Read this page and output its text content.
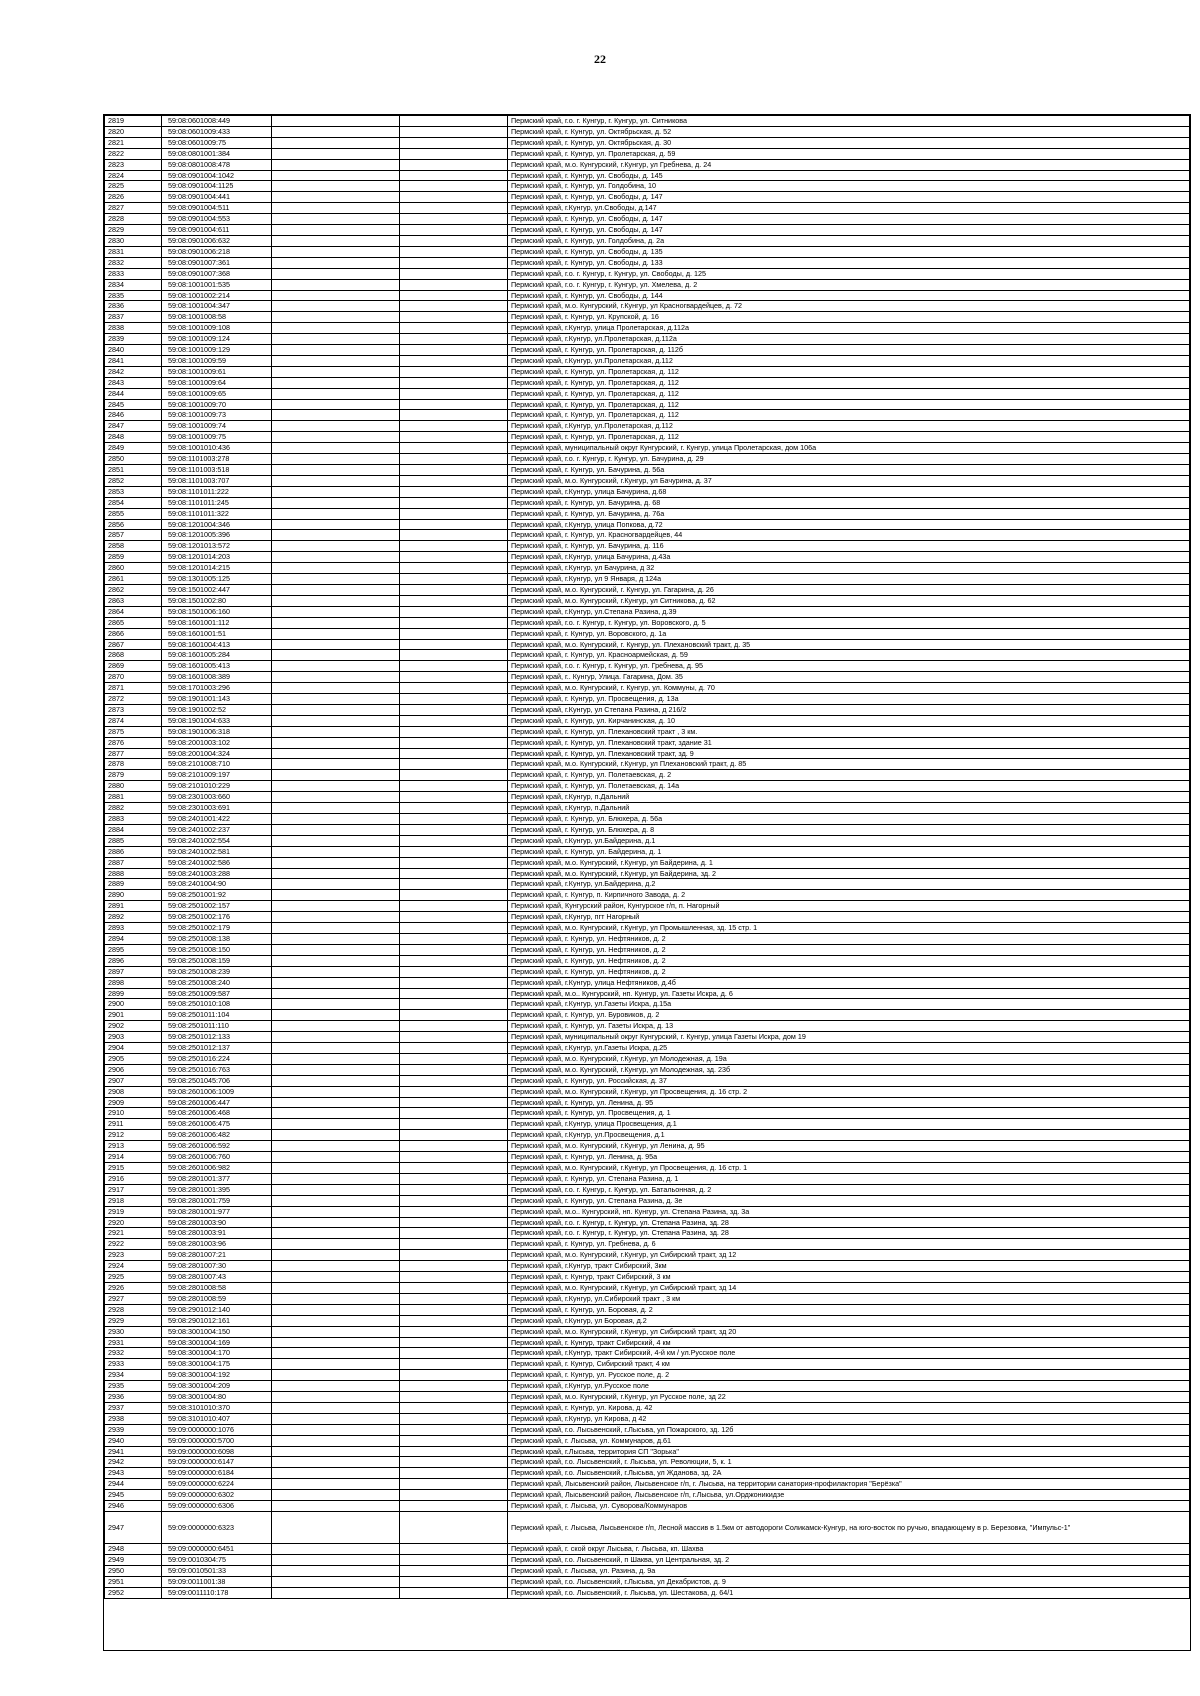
22
2819	59:08:0601008:449			Пермский край, г.о. г. Кунгур, г. Кунгур, ул. Ситникова
2820	59:08:0601009:433			Пермский край, г. Кунгур, ул. Октябрьская, д. 52
2821	59:08:0601009:75			Пермский край, г. Кунгур, ул. Октябрьская, д. 30
2822	59:08:0801001:384			Пермский край, г. Кунгур, ул. Пролетарская, д. 59
2823	59:08:0801008:478			Пермский край, м.о. Кунгурский, г.Кунгур, ул Гребнева, д. 24
2824	59:08:0901004:1042			Пермский край, г. Кунгур, ул. Свободы, д. 145
2825	59:08:0901004:1125			Пермский край, г. Кунгур, ул. Голдобина, 10
2826	59:08:0901004:441			Пермский край, г. Кунгур, ул. Свободы, д. 147
2827	59:08:0901004:511			Пермский край, г.Кунгур, ул.Свободы, д.147
2828	59:08:0901004:553			Пермский край, г. Кунгур, ул. Свободы, д. 147
2829	59:08:0901004:611			Пермский край, г. Кунгур, ул. Свободы, д. 147
2830	59:08:0901006:632			Пермский край, г. Кунгур, ул. Голдобина, д. 2а
2831	59:08:0901006:218			Пермский край, г. Кунгур, ул. Свободы, д. 135
2832	59:08:0901007:361			Пермский край, г. Кунгур, ул. Свободы, д. 133
2833	59:08:0901007:368			Пермский край, г.о. г. Кунгур, г. Кунгур, ул. Свободы, д. 125
2834	59:08:1001001:535			Пермский край, г.о. г. Кунгур, г. Кунгур, ул. Хмелева, д. 2
2835	59:08:1001002:214			Пермский край, г. Кунгур, ул. Свободы, д. 144
2836	59:08:1001004:347			Пермский край, м.о. Кунгурский, г.Кунгур, ул Красногвардейцев, д. 72
2837	59:08:1001008:58			Пермский край, г. Кунгур, ул. Крупской, д. 16
2838	59:08:1001009:108			Пермский край, г.Кунгур, улица Пролетарская, д.112а
2839	59:08:1001009:124			Пермский край, г.Кунгур, ул.Пролетарская, д.112а
2840	59:08:1001009:129			Пермский край, г. Кунгур, ул. Пролетарская, д. 112б
2841	59:08:1001009:59			Пермский край, г.Кунгур, ул.Пролетарская, д.112
2842	59:08:1001009:61			Пермский край, г. Кунгур, ул. Пролетарская, д. 112
2843	59:08:1001009:64			Пермский край, г. Кунгур, ул. Пролетарская, д. 112
2844	59:08:1001009:65			Пермский край, г. Кунгур, ул. Пролетарская, д. 112
2845	59:08:1001009:70			Пермский край, г. Кунгур, ул. Пролетарская, д. 112
2846	59:08:1001009:73			Пермский край, г. Кунгур, ул. Пролетарская, д. 112
2847	59:08:1001009:74			Пермский край, г.Кунгур, ул.Пролетарская, д.112
2848	59:08:1001009:75			Пермский край, г. Кунгур, ул. Пролетарская, д. 112
2849	59:08:1001010:436			Пермский край, муниципальный округ Кунгурский, г. Кунгур, улица Пролетарская, дом 106а
2850	59:08:1101003:278			Пермский край, г.о. г. Кунгур, г. Кунгур, ул. Бачурина, д. 29
2851	59:08:1101003:518			Пермский край, г. Кунгур, ул. Бачурина, д. 56а
2852	59:08:1101003:707			Пермский край, м.о. Кунгурский, г.Кунгур, ул Бачурина, д. 37
2853	59:08:1101011:222			Пермский край, г.Кунгур, улица Бачурина, д.68
2854	59:08:1101011:245			Пермский край, г. Кунгур, ул. Бачурина, д. 68
2855	59:08:1101011:322			Пермский край, г. Кунгур, ул. Бачурина, д. 76а
2856	59:08:1201004:346			Пермский край, г.Кунгур, улица Попкова, д.72
2857	59:08:1201005:396			Пермский край, г. Кунгур, ул. Красногвардейцев, 44
2858	59:08:1201013:572			Пермский край, г. Кунгур, ул. Бачурина, д. 116
2859	59:08:1201014:203			Пермский край, г.Кунгур, улица Бачурина, д.43а
2860	59:08:1201014:215			Пермский край, г.Кунгур, ул Бачурина, д 32
2861	59:08:1301005:125			Пермский край, г.Кунгур, ул 9 Января, д 124а
2862	59:08:1501002:447			Пермский край, м.о. Кунгурский, г. Кунгур, ул. Гагарина, д. 26
2863	59:08:1501002:80			Пермский край, м.о. Кунгурский, г.Кунгур, ул Ситникова, д. 62
2864	59:08:1501006:160			Пермский край, г.Кунгур, ул.Степана Разина, д.39
2865	59:08:1601001:112			Пермский край, г.о. г. Кунгур, г. Кунгур, ул. Воровского, д. 5
2866	59:08:1601001:51			Пермский край, г. Кунгур, ул. Воровского, д. 1а
2867	59:08:1601004:413			Пермский край, м.о. Кунгурский, г. Кунгур, ул. Плехановский тракт, д. 35
2868	59:08:1601005:284			Пермский край, г. Кунгур, ул. Красноармейская, д. 59
2869	59:08:1601005:413			Пермский край, г.о. г. Кунгур, г. Кунгур, ул. Гребнева, д. 95
2870	59:08:1601008:389			Пермский край, г.. Кунгур, Улица. Гагарина, Дом. 35
2871	59:08:1701003:296			Пермский край, м.о. Кунгурский, г. Кунгур, ул. Коммуны, д. 70
2872	59:08:1901001:143			Пермский край, г. Кунгур, ул. Просвещения, д. 13а
2873	59:08:1901002:52			Пермский край, г.Кунгур, ул Степана Разина, д 216/2
2874	59:08:1901004:633			Пермский край, г. Кунгур, ул. Кирчанинская, д. 10
2875	59:08:1901006:318			Пермский край, г. Кунгур, ул. Плехановский тракт , 3 км.
2876	59:08:2001003:102			Пермский край, г. Кунгур, ул. Плехановский тракт, здание 31
2877	59:08:2001004:324			Пермский край, г. Кунгур, ул. Плехановский тракт, зд. 9
2878	59:08:2101008:710			Пермский край, м.о. Кунгурский, г.Кунгур, ул Плехановский тракт, д. 85
2879	59:08:2101009:197			Пермский край, г. Кунгур, ул. Полетаевская, д. 2
2880	59:08:2101010:229			Пермский край, г. Кунгур, ул. Полетаевская, д. 14а
2881	59:08:2301003:660			Пермский край, г.Кунгур, п.Дальний
2882	59:08:2301003:691			Пермский край, г.Кунгур, п.Дальний
2883	59:08:2401001:422			Пермский край, г. Кунгур, ул. Блюхера, д. 56а
2884	59:08:2401002:237			Пермский край, г. Кунгур, ул. Блюхера, д. 8
2885	59:08:2401002:554			Пермский край, г.Кунгур, ул.Байдерина, д.1
2886	59:08:2401002:581			Пермский край, г. Кунгур, ул. Байдерина, д. 1
2887	59:08:2401002:586			Пермский край, м.о. Кунгурский, г.Кунгур, ул Байдерина, д. 1
2888	59:08:2401003:288			Пермский край, м.о. Кунгурский, г.Кунгур, ул Байдерина, зд. 2
2889	59:08:2401004:90			Пермский край, г.Кунгур, ул.Байдерина, д.2
2890	59:08:2501001:92			Пермский край, г. Кунгур, п. Кирпичного Завода, д. 2
2891	59:08:2501002:157			Пермский край, Кунгурский район, Кунгурское г/п, п. Нагорный
2892	59:08:2501002:176			Пермский край, г.Кунгур, пгт Нагорный
2893	59:08:2501002:179			Пермский край, м.о. Кунгурский, г.Кунгур, ул Промышленная, зд. 15 стр. 1
2894	59:08:2501008:138			Пермский край, г. Кунгур, ул. Нефтяников, д. 2
2895	59:08:2501008:150			Пермский край, г. Кунгур, ул. Нефтяников, д. 2
2896	59:08:2501008:159			Пермский край, г. Кунгур, ул. Нефтяников, д. 2
2897	59:08:2501008:239			Пермский край, г. Кунгур, ул. Нефтяников, д. 2
2898	59:08:2501008:240			Пермский край, г.Кунгур, улица Нефтяников, д.4б
2899	59:08:2501009:587			Пермский край, м.о.. Кунгурский, нп. Кунгур, ул. Газеты Искра, д. 6
2900	59:08:2501010:108			Пермский край, г.Кунгур, ул.Газеты Искра, д.15а
2901	59:08:2501011:104			Пермский край, г. Кунгур, ул. Буровиков, д. 2
2902	59:08:2501011:110			Пермский край, г. Кунгур, ул. Газеты Искра, д. 13
2903	59:08:2501012:133			Пермский край, муниципальный округ Кунгурский, г. Кунгур, улица Газеты Искра, дом 19
2904	59:08:2501012:137			Пермский край, г.Кунгур, ул.Газеты Искра, д.25
2905	59:08:2501016:224			Пермский край, м.о. Кунгурский, г.Кунгур, ул Молодежная, д. 19а
2906	59:08:2501016:763			Пермский край, м.о. Кунгурский, г.Кунгур, ул Молодежная, зд. 23б
2907	59:08:2501045:706			Пермский край, г. Кунгур, ул. Российская, д. 37
2908	59:08:2601006:1009			Пермский край, м.о. Кунгурский, г.Кунгур, ул Просвещения, д. 16 стр. 2
2909	59:08:2601006:447			Пермский край, г. Кунгур, ул. Ленина, д. 95
2910	59:08:2601006:468			Пермский край, г. Кунгур, ул. Просвещения, д. 1
2911	59:08:2601006:475			Пермский край, г.Кунгур, улица Просвещения, д.1
2912	59:08:2601006:482			Пермский край, г.Кунгур, ул.Просвещения, д.1
2913	59:08:2601006:592			Пермский край, м.о. Кунгурский, г.Кунгур, ул Ленина, д. 95
2914	59:08:2601006:760			Пермский край, г. Кунгур, ул. Ленина, д. 95а
2915	59:08:2601006:982			Пермский край, м.о. Кунгурский, г.Кунгур, ул Просвещения, д. 16 стр. 1
2916	59:08:2801001:377			Пермский край, г. Кунгур, ул. Степана Разина, д. 1
2917	59:08:2801001:395			Пермский край, г.о. г. Кунгур, г. Кунгур, ул. Батальонная, д. 2
2918	59:08:2801001:759			Пермский край, г. Кунгур, ул. Степана Разина, д. 3е
2919	59:08:2801001:977			Пермский край, м.о.. Кунгурский, нп. Кунгур, ул. Степана Разина, зд. 3а
2920	59:08:2801003:90			Пермский край, г.о. г. Кунгур, г. Кунгур, ул. Степана Разина, зд. 28
2921	59:08:2801003:91			Пермский край, г.о. г. Кунгур, г. Кунгур, ул. Степана Разина, зд. 28
2922	59:08:2801003:96			Пермский край, г. Кунгур, ул. Гребнева, д. 6
2923	59:08:2801007:21			Пермский край, м.о. Кунгурский, г.Кунгур, ул Сибирский тракт, зд 12
2924	59:08:2801007:30			Пермский край, г.Кунгур, тракт Сибирский, 3км
2925	59:08:2801007:43			Пермский край, г. Кунгур, тракт Сибирский, 3 км
2926	59:08:2801008:58			Пермский край, м.о. Кунгурский, г.Кунгур, ул Сибирский тракт, зд 14
2927	59:08:2801008:59			Пермский край, г.Кунгур, ул.Сибирский тракт , 3 км
2928	59:08:2901012:140			Пермский край, г. Кунгур, ул. Боровая, д. 2
2929	59:08:2901012:161			Пермский край, г.Кунгур, ул Боровая, д.2
2930	59:08:3001004:150			Пермский край, м.о. Кунгурский, г.Кунгур, ул Сибирский тракт, зд 20
2931	59:08:3001004:169			Пермский край, г. Кунгур, тракт Сибирский, 4 км
2932	59:08:3001004:170			Пермский край, г.Кунгур, тракт Сибирский, 4-й км / ул.Русское поле
2933	59:08:3001004:175			Пермский край, г. Кунгур, Сибирский тракт, 4 км
2934	59:08:3001004:192			Пермский край, г. Кунгур, ул. Русское поле, д. 2
2935	59:08:3001004:209			Пермский край, г.Кунгур, ул.Русское поле
2936	59:08:3001004:80			Пермский край, м.о. Кунгурский, г.Кунгур, ул Русское поле, зд 22
2937	59:08:3101010:370			Пермский край, г. Кунгур, ул. Кирова, д. 42
2938	59:08:3101010:407			Пермский край, г.Кунгур, ул Кирова, д 42
2939	59:09:0000000:1076			Пермский край, г.о. Лысьвенский, г.Лысьва, ул Пожарского, зд. 12б
2940	59:09:0000000:5700			Пермский край, г. Лысьва, ул. Коммунаров, д.61
2941	59:09:0000000:6098			Пермский край, г.Лысьва, территория СП "Зорька"
2942	59:09:0000000:6147			Пермский край, г.о. Лысьвенский, г. Лысьва, ул. Революции, 5, к. 1
2943	59:09:0000000:6184			Пермский край, г.о. Лысьвенский, г.Лысьва, ул Жданова, зд. 2А
2944	59:09:0000000:6224			Пермский край, Лысьвенский район, Лысьвенское г/п, г. Лысьва, на территории санатория-профилактория "Берёзка"
2945	59:09:0000000:6302			Пермский край, Лысьвенский район, Лысьвенское г/п, г.Лысьва, ул.Орджоникидзе
2946	59:09:0000000:6306			Пермский край, г. Лысьва, ул. Суворова/Коммунаров
2947	59:09:0000000:6323			Пермский край, г. Лысьва, Лысьвенское г/п, Лесной массив в 1.5км от автодороги Соликамск-Кунгур, на юго-восток по ручью, впадающему в р. Березовка, "Импульс-1"
2948	59:09:0000000:6451			Пермский край, г. ской округ Лысьва, г. Лысьва, кп. Шахва
2949	59:09:0010304:75			Пермский край, г.о. Лысьвенский, п Шаква, ул Центральная, зд. 2
2950	59:09:0010501:33			Пермский край, г. Лысьва, ул. Разина, д. 9а
2951	59:09:0011001:38			Пермский край, г.о. Лысьвенский, г.Лысьва, ул Декабристов, д. 9
2952	59:09:0011110:178			Пермский край, г.о. Лысьвенский, г. Лысьва, ул. Шестакова, д. 64/1
